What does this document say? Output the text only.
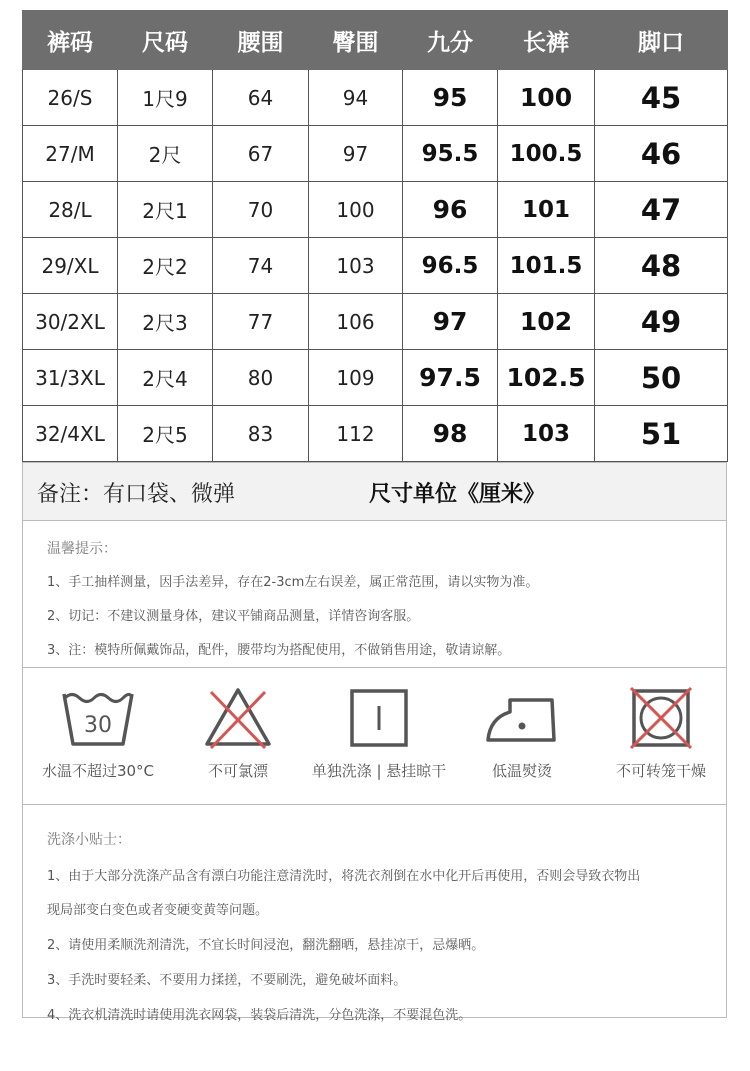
裤码	尺码	腰围	臀围	九分	长裤	脚口
26/S	1尺9	64	94	95	100	45
27/M	2尺	67	97	95.5	100.5	46
28/L	2尺1	70	100	96	101	47
29/XL	2尺2	74	103	96.5	101.5	48
30/2XL	2尺3	77	106	97	102	49
31/3XL	2尺4	80	109	97.5	102.5	50
32/4XL	2尺5	83	112	98	103	51
备注：有口袋、微弹	尺寸单位《厘米》
温馨提示：
1、手工抽样测量，因手法差异，存在2-3cm左右误差，属正常范围，请以实物为准。
2、切记：不建议测量身体，建议平铺商品测量，详情咨询客服。
3、注：模特所佩戴饰品，配件，腰带均为搭配使用，不做销售用途，敬请谅解。
30
水温不超过30°C	不可氯漂	单独洗涤 | 悬挂晾干	低温熨烫	不可转笼干燥
洗涤小贴士：
1、由于大部分洗涤产品含有漂白功能注意清洗时，将洗衣剂倒在水中化开后再使用，否则会导致衣物出
现局部变白变色或者变硬变黄等问题。
2、请使用柔顺洗剂清洗，不宜长时间浸泡，翻洗翻晒，悬挂凉干，忌爆晒。
3、手洗时要轻柔、不要用力揉搓，不要刷洗，避免破坏面料。
4、洗衣机清洗时请使用洗衣网袋，装袋后清洗，分色洗涤，不要混色洗。
